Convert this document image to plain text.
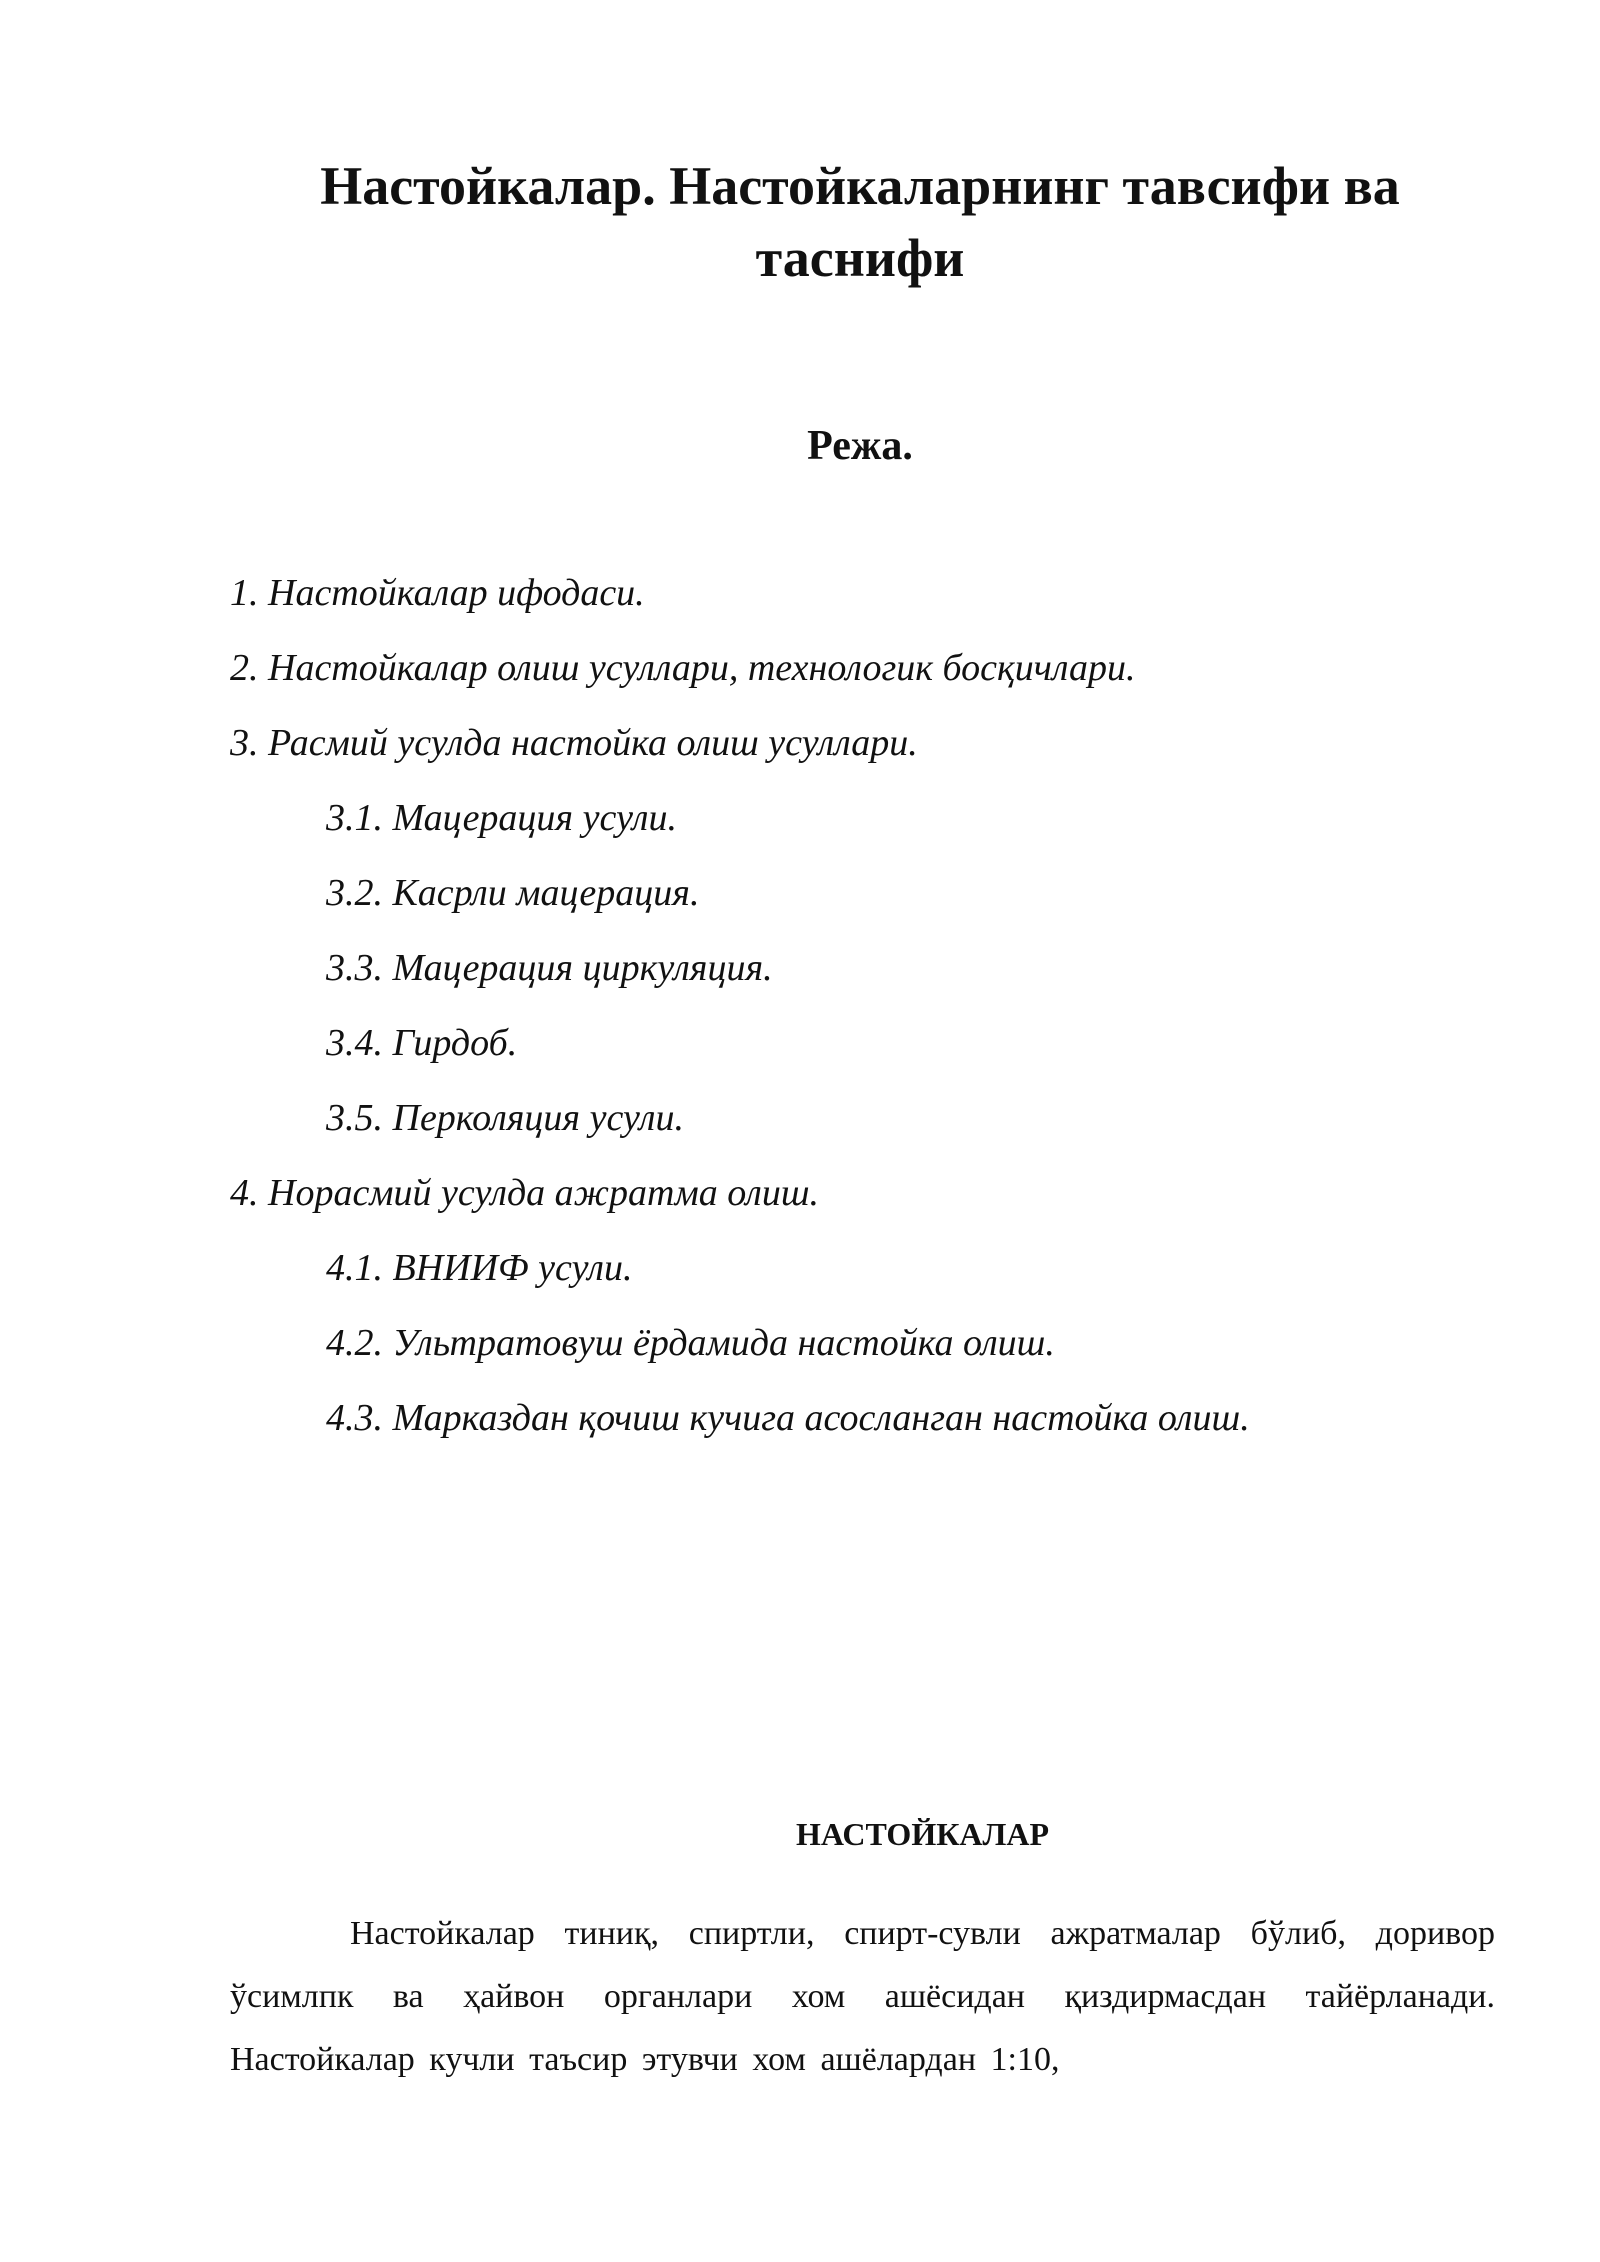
Настойкалар. Настойкаларнинг тавсифи ва таснифи
Режа.
1. Настойкалар ифодаси.
2. Настойкалар олиш усуллари, технологик босқичлари.
3. Расмий усулда настойка олиш усуллари.
3.1. Мацерация усули.
3.2. Касрли мацерация.
3.3. Мацерация циркуляция.
3.4. Гирдоб.
3.5. Перколяция усули.
4. Норасмий усулда ажратма олиш.
4.1. ВНИИФ усули.
4.2. Ультратовуш ёрдамида настойка олиш.
4.3. Марказдан қочиш кучига асосланган настойка олиш.
НАСТОЙКАЛАР

Настойкалар тиниқ, спиртли, спирт-сувли ажратмалар бўлиб, доривор ўсимлпк ва ҳайвон органлари хом ашёсидан қиздирмасдан тайёрланади. Настойкалар кучли таъсир этувчи хом ашёлардан 1:10,
